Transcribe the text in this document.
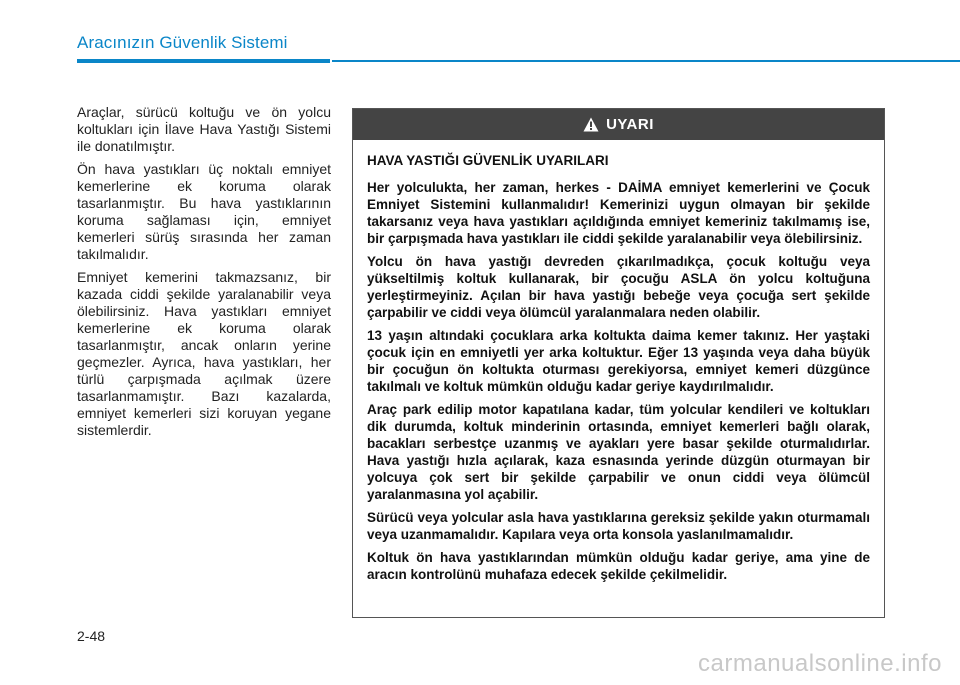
Aracınızın Güvenlik Sistemi

Araçlar, sürücü koltuğu ve ön yolcu koltukları için İlave Hava Yastığı Sistemi ile donatılmıştır.

Ön hava yastıkları üç noktalı emniyet kemerlerine ek koruma olarak tasarlanmıştır. Bu hava yastıklarının koruma sağlaması için, emniyet kemerleri sürüş sırasında her zaman takılmalıdır.

Emniyet kemerini takmazsanız, bir kazada ciddi şekilde yaralanabilir veya ölebilirsiniz. Hava yastıkları emniyet kemerlerine ek koruma olarak tasarlanmıştır, ancak onların yerine geçmezler. Ayrıca, hava yastıkları, her türlü çarpışmada açılmak üzere tasarlanmamıştır. Bazı kazalarda, emniyet kemerleri sizi koruyan yegane sistemlerdir.

UYARI
HAVA YASTIĞI GÜVENLİK UYARILARI

Her yolculukta, her zaman, herkes - DAİMA emniyet kemerlerini ve Çocuk Emniyet Sistemini kullanmalıdır! Kemerinizi uygun olmayan bir şekilde takarsanız veya hava yastıkları açıldığında emniyet kemeriniz takılmamış ise, bir çarpışmada hava yastıkları ile ciddi şekilde yaralanabilir veya ölebilirsiniz.

Yolcu ön hava yastığı devreden çıkarılmadıkça, çocuk koltuğu veya yükseltilmiş koltuk kullanarak, bir çocuğu ASLA ön yolcu koltuğuna yerleştirmeyiniz. Açılan bir hava yastığı bebeğe veya çocuğa sert şekilde çarpabilir ve ciddi veya ölümcül yaralanmalara neden olabilir.

13 yaşın altındaki çocuklara arka koltukta daima kemer takınız. Her yaştaki çocuk için en emniyetli yer arka koltuktur. Eğer 13 yaşında veya daha büyük bir çocuğun ön koltukta oturması gerekiyorsa, emniyet kemeri düzgünce takılmalı ve koltuk mümkün olduğu kadar geriye kaydırılmalıdır.

Araç park edilip motor kapatılana kadar, tüm yolcular kendileri ve koltukları dik durumda, koltuk minderinin ortasında, emniyet kemerleri bağlı olarak, bacakları serbestçe uzanmış ve ayakları yere basar şekilde oturmalıdırlar. Hava yastığı hızla açılarak, kaza esnasında yerinde düzgün oturmayan bir yolcuya çok sert bir şekilde çarpabilir ve onun ciddi veya ölümcül yaralanmasına yol açabilir.

Sürücü veya yolcular asla hava yastıklarına gereksiz şekilde yakın oturmamalı veya uzanmamalıdır. Kapılara veya orta konsola yaslanılmamalıdır.

Koltuk ön hava yastıklarından mümkün olduğu kadar geriye, ama yine de aracın kontrolünü muhafaza edecek şekilde çekilmelidir.

2-48
carmanualsonline.info
